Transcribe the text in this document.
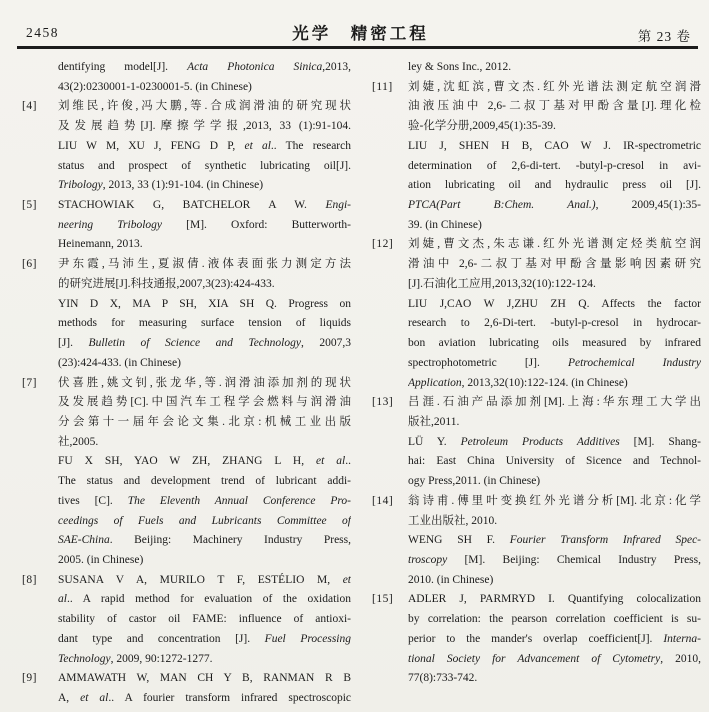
2458	光学　精密工程	第 23 卷
dentifying model[J]. Acta Photonica Sinica,2013,
43(2):0230001-1-0230001-5. (in Chinese)
[4]	刘维民,许俊,冯大鹏,等.合成润滑油的研究现状
及发展趋势[J].摩擦学学报,2013, 33 (1):91-104.
LIU W M, XU J, FENG D P, et al.. The research
status and prospect of synthetic lubricating oil[J].
Tribology, 2013, 33 (1):91-104. (in Chinese)
[5]	STACHOWIAK G, BATCHELOR A W. Engi-
neering Tribology [M]. Oxford: Butterworth-
Heinemann, 2013.
[6]	尹东霞,马沛生,夏淑倩.液体表面张力测定方法
的研究进展[J].科技通报,2007,3(23):424-433.
YIN D X, MA P SH, XIA SH Q. Progress on
methods for measuring surface tension of liquids
[J]. Bulletin of Science and Technology, 2007,3
(23):424-433. (in Chinese)
[7]	伏喜胜,姚文钊,张龙华,等.润滑油添加剂的现状
及发展趋势[C].中国汽车工程学会燃料与润滑油
分会第十一届年会论文集.北京:机械工业出版
社,2005.
FU X SH, YAO W ZH, ZHANG L H, et al..
The status and development trend of lubricant addi-
tives [C]. The Eleventh Annual Conference Pro-
ceedings of Fuels and Lubricants Committee of
SAE-China. Beijing: Machinery Industry Press,
2005. (in Chinese)
[8]	SUSANA V A, MURILO T F, ESTÉLIO M, et
al.. A rapid method for evaluation of the oxidation
stability of castor oil FAME: influence of antioxi-
dant type and concentration [J]. Fuel Processing
Technology, 2009, 90:1272-1277.
[9]	AMMAWATH W, MAN CH Y B, RANMAN R B
A, et al.. A fourier transform infrared spectroscopic
ley & Sons Inc., 2012.
[11]	刘婕,沈虹滨,曹文杰.红外光谱法测定航空润滑
油液压油中 2,6-二叔丁基对甲酚含量[J].理化检
验-化学分册,2009,45(1):35-39.
LIU J, SHEN H B, CAO W J. IR-spectrometric
determination of 2,6-di-tert. -butyl-p-cresol in avi-
ation lubricating oil and hydraulic press oil [J].
PTCA(Part B:Chem. Anal.), 2009,45(1):35-
39. (in Chinese)
[12]	刘婕,曹文杰,朱志谦.红外光谱测定烃类航空润
滑油中 2,6-二叔丁基对甲酚含量影响因素研究
[J].石油化工应用,2013,32(10):122-124.
LIU J,CAO W J,ZHU ZH Q. Affects the factor
research to 2,6-Di-tert. -butyl-p-cresol in hydrocar-
bon aviation lubricating oils measured by infrared
spectrophotometric [J]. Petrochemical Industry
Application, 2013,32(10):122-124. (in Chinese)
[13]	吕涯.石油产品添加剂[M].上海:华东理工大学出
版社,2011.
LÜ Y. Petroleum Products Additives [M]. Shang-
hai: East China University of Sicence and Technol-
ogy Press,2011. (in Chinese)
[14]	翁诗甫.傅里叶变换红外光谱分析[M].北京:化学
工业出版社, 2010.
WENG SH F. Fourier Transform Infrared Spec-
troscopy [M]. Beijing: Chemical Industry Press,
2010. (in Chinese)
[15]	ADLER J, PARMRYD I. Quantifying colocalization
by correlation: the pearson correlation coefficient is su-
perior to the mander's overlap coefficient[J]. Interna-
tional Society for Advancement of Cytometry, 2010,
77(8):733-742.
